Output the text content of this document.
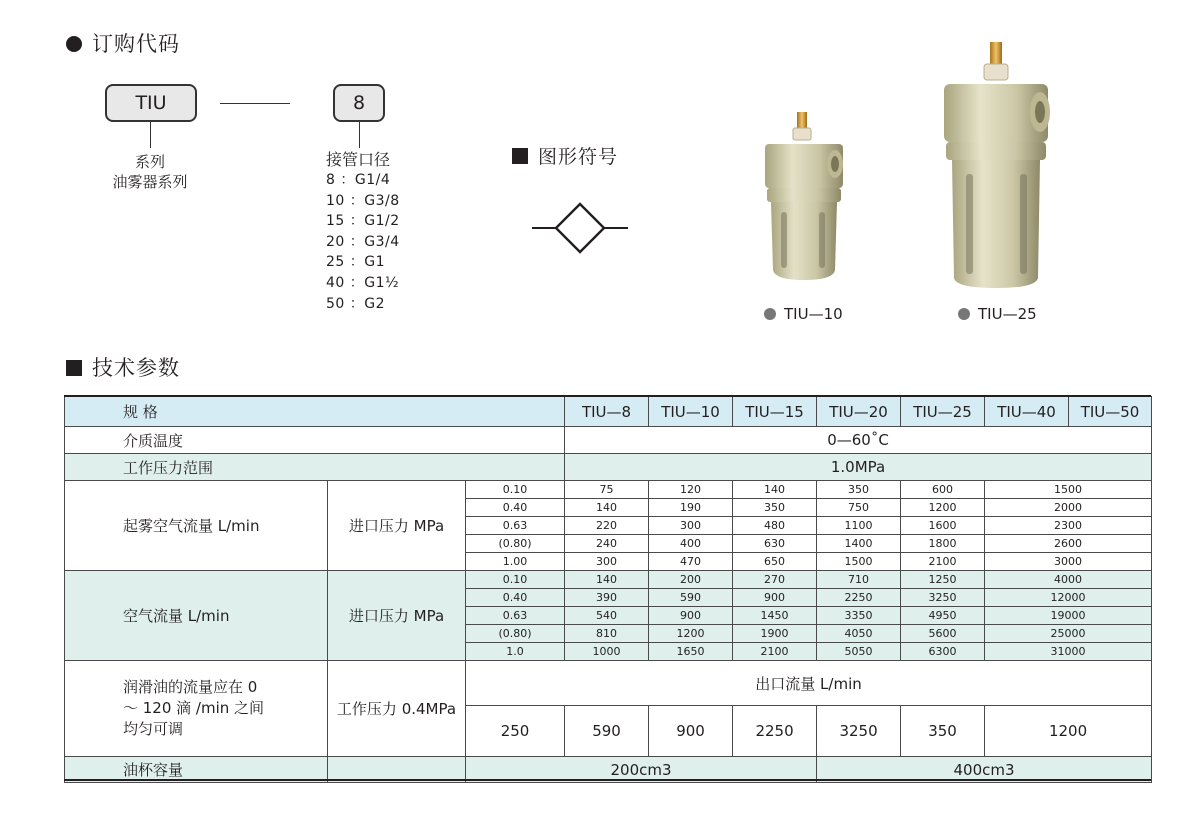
订购代码
TIU	8
系列
油雾器系列
接管口径
8 ：G1/4
10 ：G3/8
15 ：G1/2
20 ：G3/4
25 ：G1
40 ：G1½
50 ：G2
图形符号
TIU—10	TIU—25
技术参数
规 格			TIU—8	TIU—10	TIU—15	TIU—20	TIU—25	TIU—40	TIU—50
介质温度			0—60˚C						
工作压力范围			1.0MPa						
起雾空气流量 L/min	进口压力 MPa	0.10	75	120	140	350	600	1500	
		0.40	140	190	350	750	1200	2000	
		0.63	220	300	480	1100	1600	2300	
		(0.80)	240	400	630	1400	1800	2600	
		1.00	300	470	650	1500	2100	3000	
空气流量 L/min	进口压力 MPa	0.10	140	200	270	710	1250	4000	
		0.40	390	590	900	2250	3250	12000	
		0.63	540	900	1450	3350	4950	19000	
		(0.80)	810	1200	1900	4050	5600	25000	
		1.0	1000	1650	2100	5050	6300	31000	

润滑油的流量应在 0
～ 120 滴 /min 之间
均匀可调	工作压力 0.4MPa	出口流量 L/min							
		250	590	900	2250	3250	350	1200	
油杯容量		200cm3				400cm3			
